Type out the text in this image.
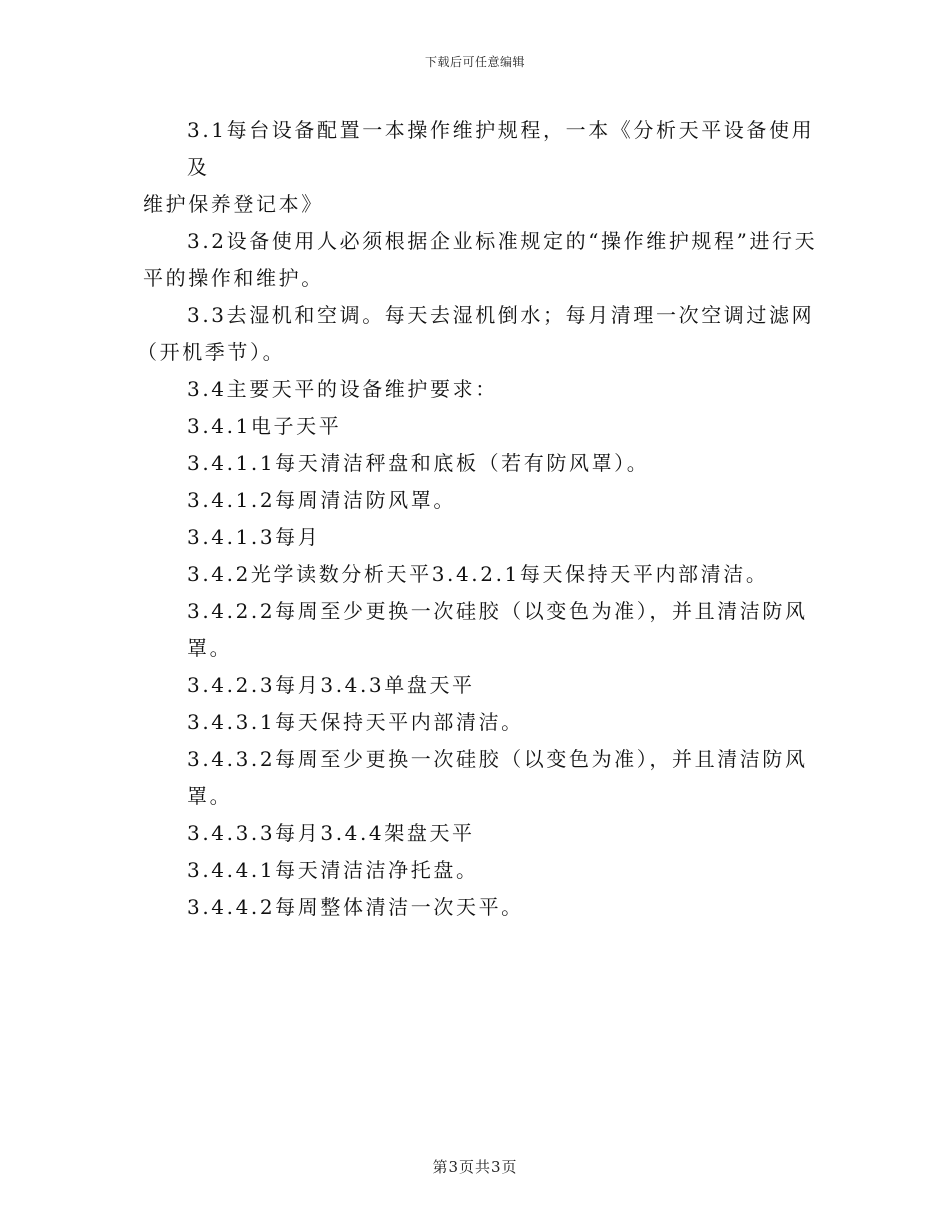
下载后可任意编辑

3.1每台设备配置一本操作维护规程，一本《分析天平设备使用及
维护保养登记本》

3.2设备使用人必须根据企业标准规定的“操作维护规程”进行天
平的操作和维护。

3.3去湿机和空调。每天去湿机倒水；每月清理一次空调过滤网
（开机季节）。

3.4主要天平的设备维护要求：

3.4.1电子天平

3.4.1.1每天清洁秤盘和底板（若有防风罩）。

3.4.1.2每周清洁防风罩。

3.4.1.3每月

3.4.2光学读数分析天平3.4.2.1每天保持天平内部清洁。

3.4.2.2每周至少更换一次硅胶（以变色为准），并且清洁防风罩。

3.4.2.3每月3.4.3单盘天平

3.4.3.1每天保持天平内部清洁。

3.4.3.2每周至少更换一次硅胶（以变色为准），并且清洁防风罩。

3.4.3.3每月3.4.4架盘天平

3.4.4.1每天清洁洁净托盘。

3.4.4.2每周整体清洁一次天平。

第3页共3页
